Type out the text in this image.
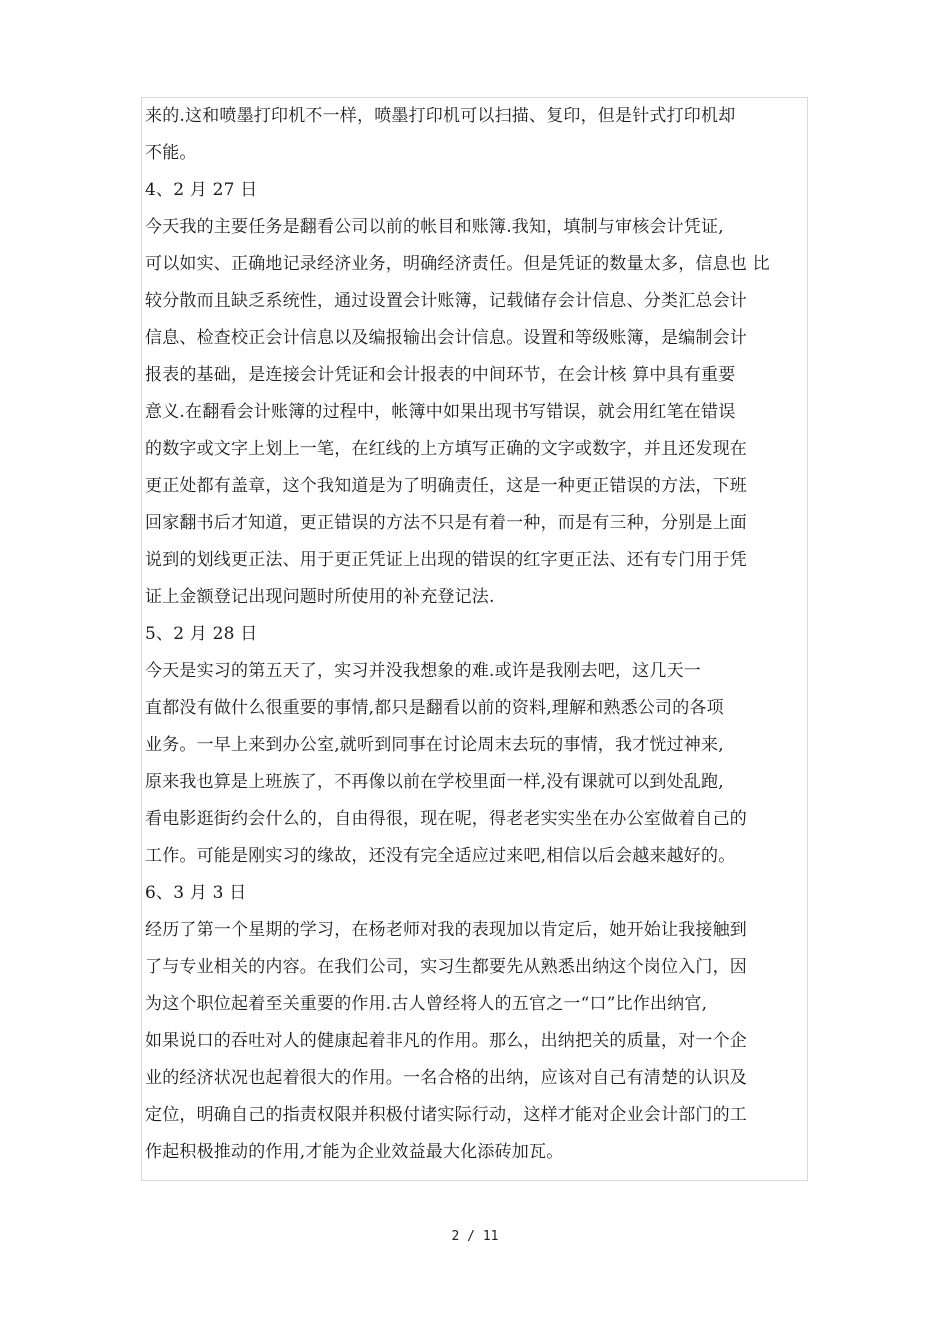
来的.这和喷墨打印机不一样，喷墨打印机可以扫描、复印，但是针式打印机却
不能。
4、2 月 27 日
今天我的主要任务是翻看公司以前的帐目和账簿.我知，填制与审核会计凭证,
可以如实、正确地记录经济业务，明确经济责任。但是凭证的数量太多，信息也 比
较分散而且缺乏系统性，通过设置会计账簿，记载储存会计信息、分类汇总会计
信息、检查校正会计信息以及编报输出会计信息。设置和等级账簿，是编制会计
报表的基础，是连接会计凭证和会计报表的中间环节，在会计核 算中具有重要
意义.在翻看会计账簿的过程中，帐簿中如果出现书写错误，就会用红笔在错误
的数字或文字上划上一笔，在红线的上方填写正确的文字或数字，并且还发现在
更正处都有盖章，这个我知道是为了明确责任，这是一种更正错误的方法，下班
回家翻书后才知道，更正错误的方法不只是有着一种，而是有三种，分别是上面
说到的划线更正法、用于更正凭证上出现的错误的红字更正法、还有专门用于凭
证上金额登记出现问题时所使用的补充登记法.
5、2 月 28 日
今天是实习的第五天了，实习并没我想象的难.或许是我刚去吧，这几天一
直都没有做什么很重要的事情,都只是翻看以前的资料,理解和熟悉公司的各项
业务。一早上来到办公室,就听到同事在讨论周末去玩的事情，我才恍过神来,
原来我也算是上班族了，不再像以前在学校里面一样,没有课就可以到处乱跑,
看电影逛街约会什么的，自由得很，现在呢，得老老实实坐在办公室做着自己的
工作。可能是刚实习的缘故，还没有完全适应过来吧,相信以后会越来越好的。
6、3 月 3 日
经历了第一个星期的学习，在杨老师对我的表现加以肯定后，她开始让我接触到
了与专业相关的内容。在我们公司，实习生都要先从熟悉出纳这个岗位入门，因
为这个职位起着至关重要的作用.古人曾经将人的五官之一“口”比作出纳官,
如果说口的吞吐对人的健康起着非凡的作用。那么，出纳把关的质量，对一个企
业的经济状况也起着很大的作用。一名合格的出纳，应该对自己有清楚的认识及
定位，明确自己的指责权限并积极付诸实际行动，这样才能对企业会计部门的工
作起积极推动的作用,才能为企业效益最大化添砖加瓦。
2 / 11
